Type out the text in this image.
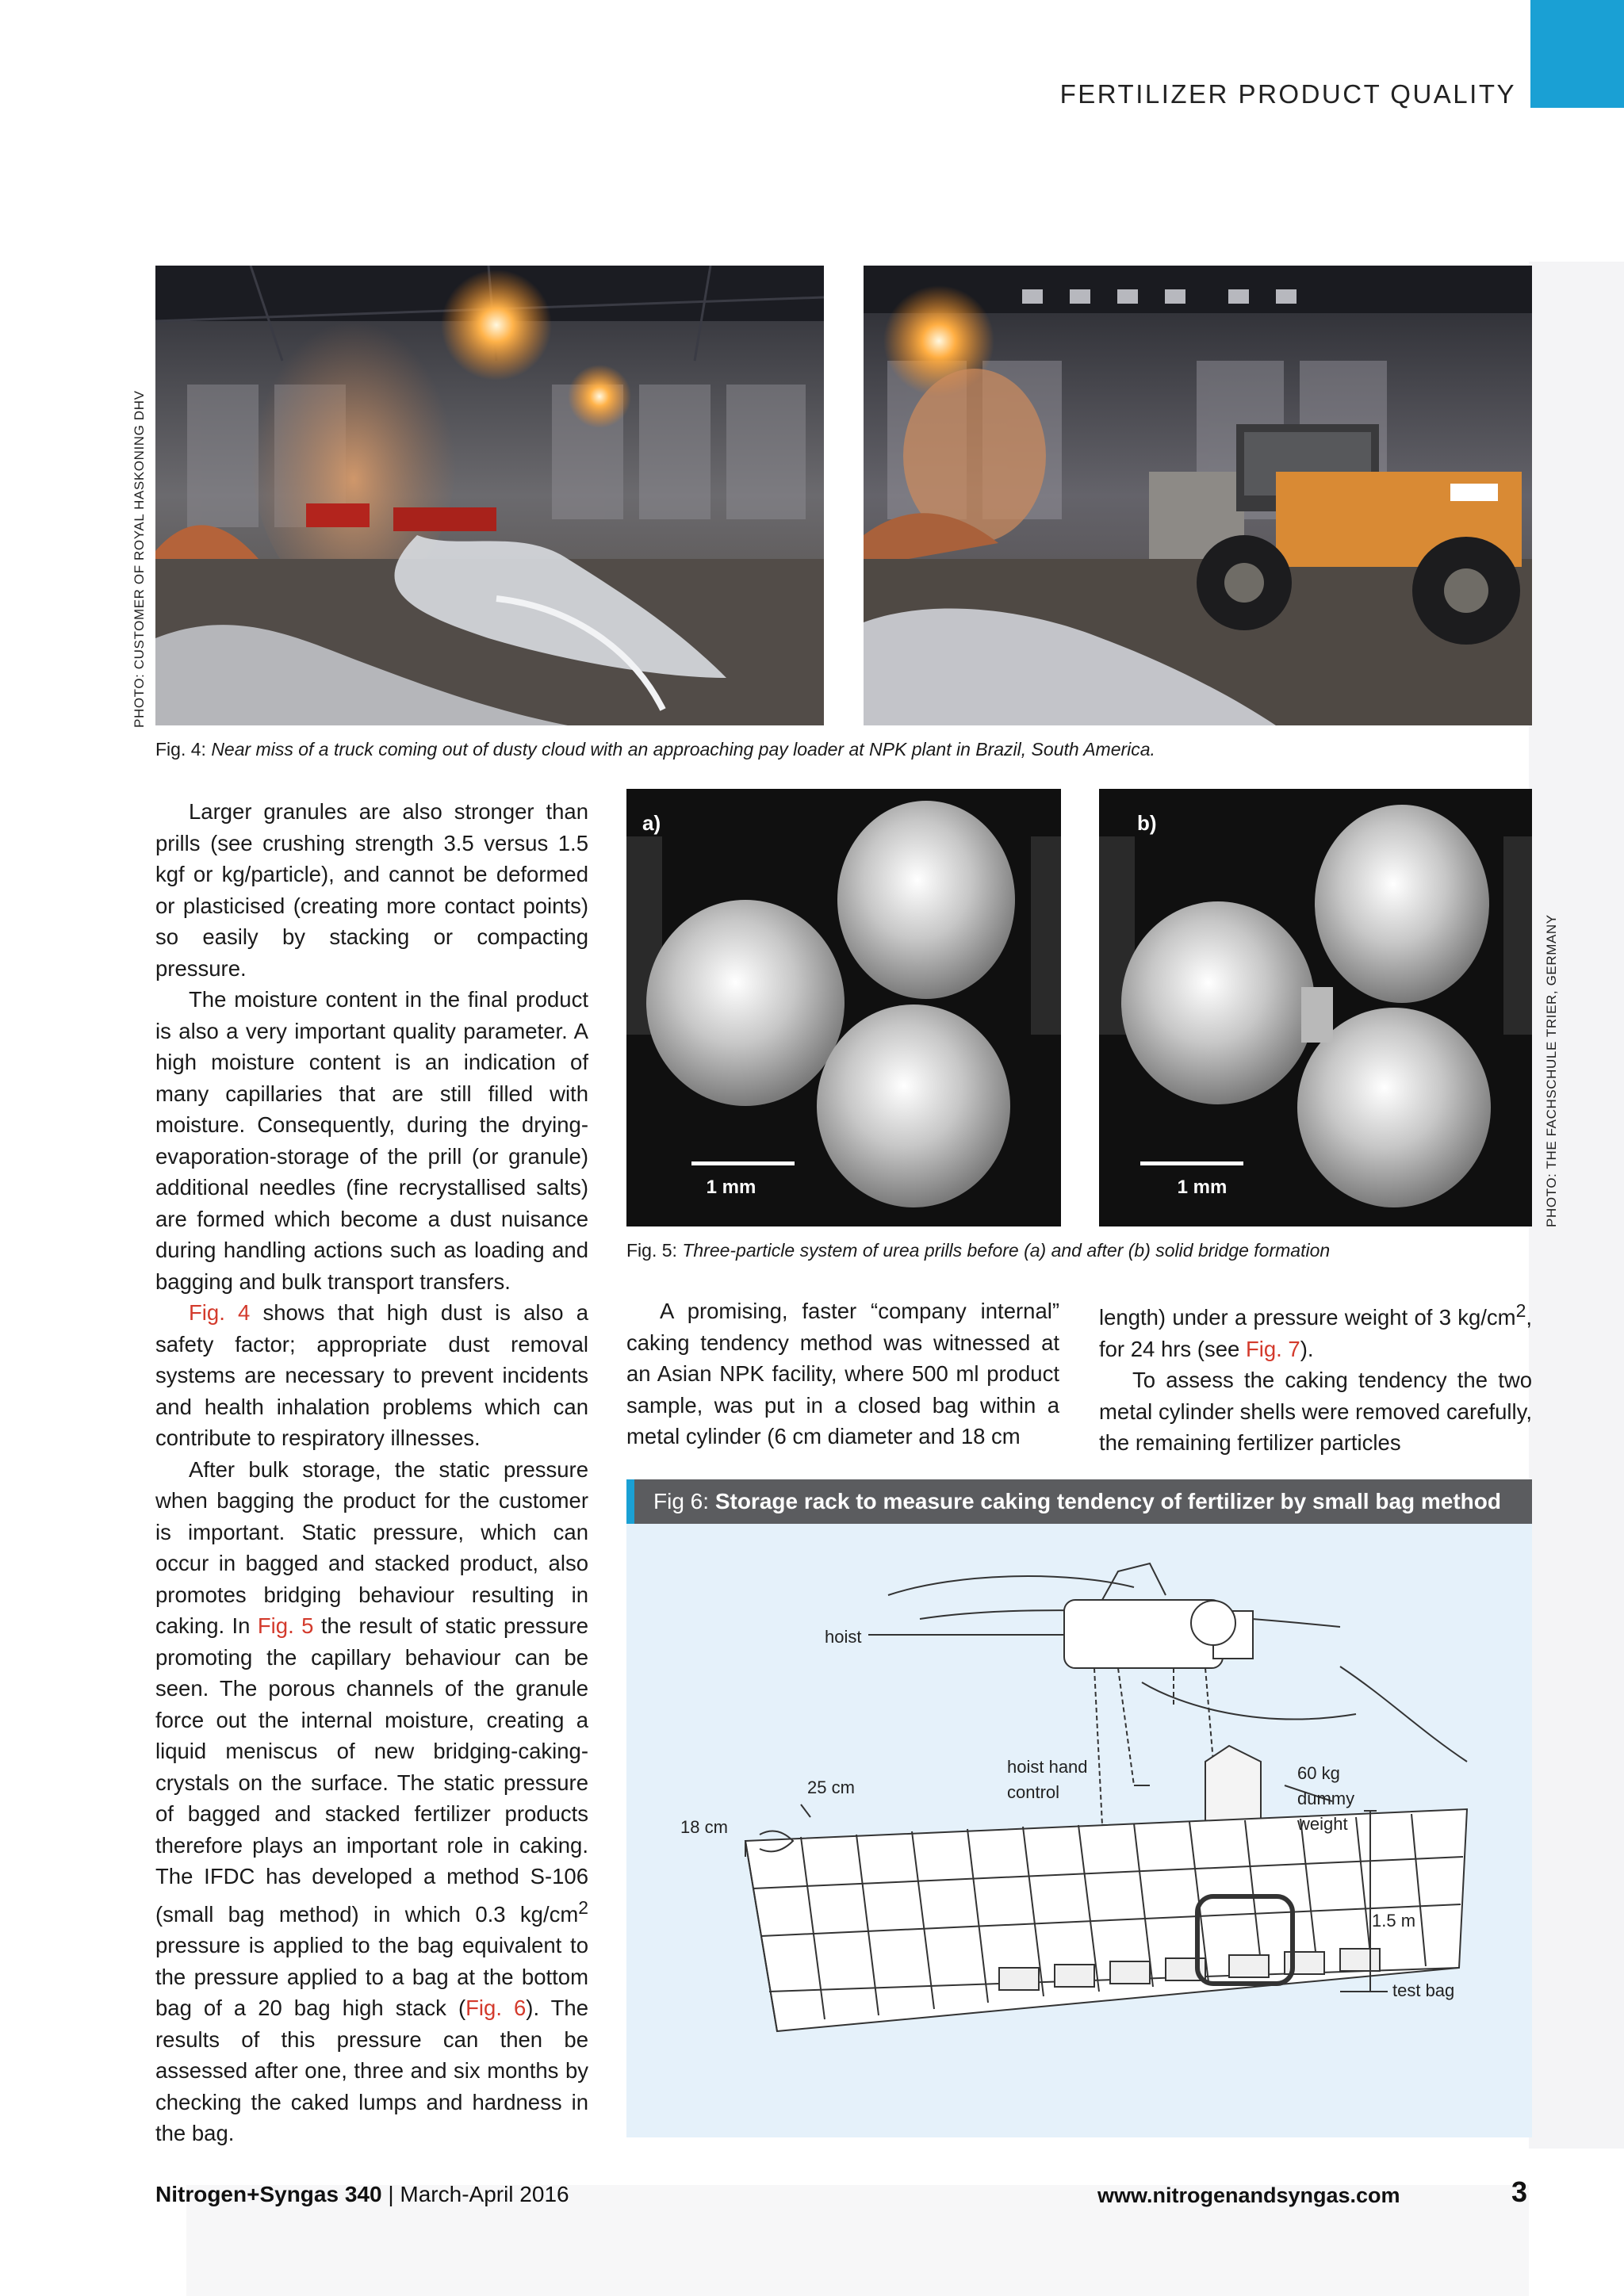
FERTILIZER PRODUCT QUALITY
PHOTO: CUSTOMER OF ROYAL HASKONING DHV
PHOTO: THE FACHSCHULE TRIER, GERMANY
Fig. 4: Near miss of a truck coming out of dusty cloud with an approaching pay loader at NPK plant in Brazil, South America.
a)
1 mm
b)
1 mm
Fig. 5: Three-particle system of urea prills before (a) and after (b) solid bridge formation

Larger granules are also stronger than prills (see crushing strength 3.5 versus 1.5 kgf or kg/particle), and cannot be deformed or plasticised (creating more contact points) so easily by stacking or compacting pressure.

The moisture content in the final product is also a very important quality parameter. A high moisture content is an indication of many capillaries that are still filled with moisture. Consequently, during the drying-evaporation-storage of the prill (or granule) additional needles (fine recrystallised salts) are formed which become a dust nuisance during handling actions such as loading and bagging and bulk transport transfers.

Fig. 4 shows that high dust is also a safety factor; appropriate dust removal systems are necessary to prevent incidents and health inhalation problems which can contribute to respiratory illnesses.

After bulk storage, the static pressure when bagging the product for the customer is important. Static pressure, which can occur in bagged and stacked product, also promotes bridging behaviour resulting in caking. In Fig. 5 the result of static pressure promoting the capillary behaviour can be seen. The porous channels of the granule force out the internal moisture, creating a liquid meniscus of new bridging-caking-crystals on the surface. The static pressure of bagged and stacked fertilizer products therefore plays an important role in caking. The IFDC has developed a method S-106 (small bag method) in which 0.3 $kg/cm^2$ pressure is applied to the bag equivalent to the pressure applied to a bag at the bottom bag of a 20 bag high stack (Fig. 6). The results of this pressure can then be assessed after one, three and six months by checking the caked lumps and hardness in the bag.

A promising, faster “company internal” caking tendency method was witnessed at an Asian NPK facility, where 500 ml product sample, was put in a closed bag within a metal cylinder (6 cm diameter and 18 cm

length) under a pressure weight of 3 $kg/cm^2$, for 24 hrs (see Fig. 7).

To assess the caking tendency the two metal cylinder shells were removed carefully, the remaining fertilizer particles

Fig 6: Storage rack to measure caking tendency of fertilizer by small bag method
hoist
hoist hand
control
60 kg
dummy
weight
25 cm
18 cm
1.5 m
test bag
Nitrogen+Syngas 340 | March-April 2016	www.nitrogenandsyngas.com	3
